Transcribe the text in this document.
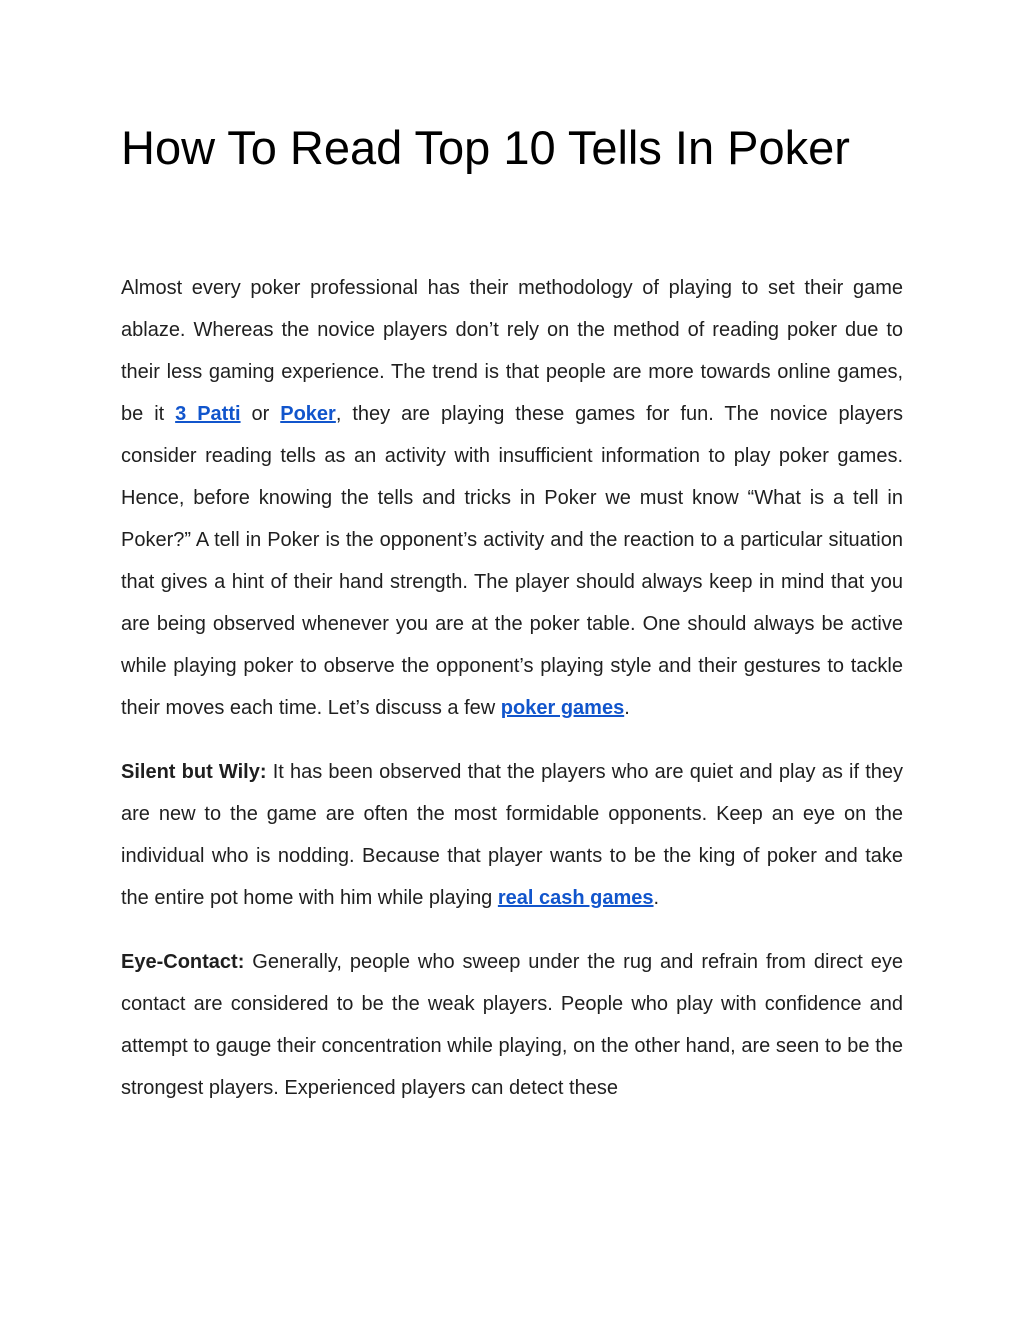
How To Read Top 10 Tells In Poker

Almost every poker professional has their methodology of playing to set their game ablaze. Whereas the novice players don’t rely on the method of reading poker due to their less gaming experience. The trend is that people are more towards online games, be it 3 Patti or Poker, they are playing these games for fun. The novice players consider reading tells as an activity with insufficient information to play poker games. Hence, before knowing the tells and tricks in Poker we must know “What is a tell in Poker?” A tell in Poker is the opponent’s activity and the reaction to a particular situation that gives a hint of their hand strength. The player should always keep in mind that you are being observed whenever you are at the poker table. One should always be active while playing poker to observe the opponent’s playing style and their gestures to tackle their moves each time. Let’s discuss a few poker games.

Silent but Wily: It has been observed that the players who are quiet and play as if they are new to the game are often the most formidable opponents. Keep an eye on the individual who is nodding. Because that player wants to be the king of poker and take the entire pot home with him while playing real cash games.

Eye-Contact: Generally, people who sweep under the rug and refrain from direct eye contact are considered to be the weak players. People who play with confidence and attempt to gauge their concentration while playing, on the other hand, are seen to be the strongest players. Experienced players can detect these
